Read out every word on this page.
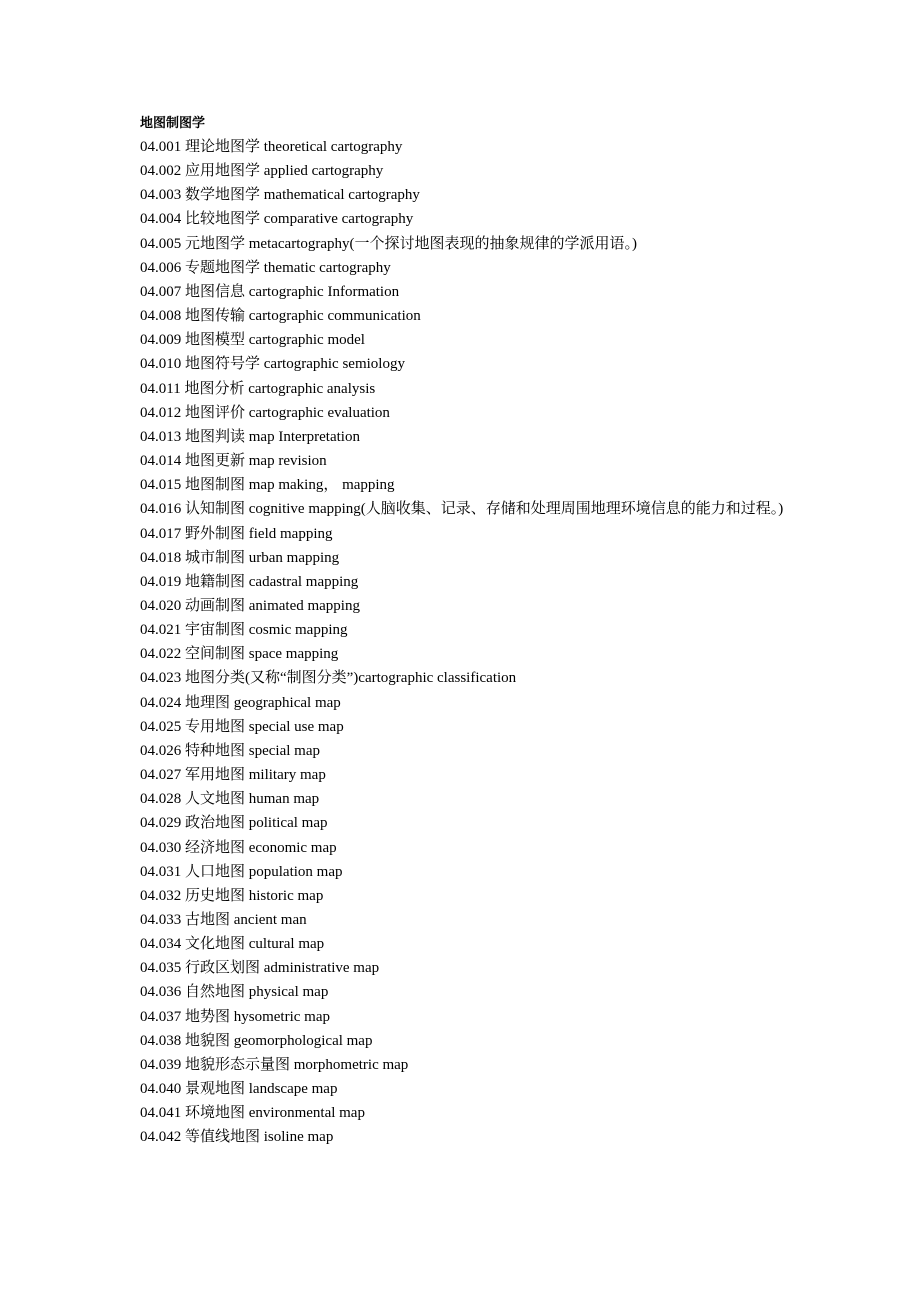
地图制图学
04.001 理论地图学 theoretical cartography
04.002 应用地图学 applied cartography
04.003 数学地图学 mathematical cartography
04.004 比较地图学 comparative cartography
04.005 元地图学 metacartography(一个探讨地图表现的抽象规律的学派用语。)
04.006 专题地图学 thematic cartography
04.007 地图信息 cartographic Information
04.008 地图传输 cartographic communication
04.009 地图模型 cartographic model
04.010 地图符号学 cartographic semiology
04.011 地图分析 cartographic analysis
04.012 地图评价 cartographic evaluation
04.013 地图判读 map Interpretation
04.014 地图更新 map revision
04.015 地图制图 map making， mapping
04.016 认知制图 cognitive mapping(人脑收集、记录、存储和处理周围地理环境信息的能力和过程。)
04.017 野外制图 field mapping
04.018 城市制图 urban mapping
04.019 地籍制图 cadastral mapping
04.020 动画制图 animated mapping
04.021 宇宙制图 cosmic mapping
04.022 空间制图 space mapping
04.023 地图分类(又称“制图分类”)cartographic classification
04.024 地理图 geographical map
04.025 专用地图 special use map
04.026 特种地图 special map
04.027 军用地图 military map
04.028 人文地图 human map
04.029 政治地图 political map
04.030 经济地图 economic map
04.031 人口地图 population map
04.032 历史地图 historic map
04.033 古地图 ancient man
04.034 文化地图 cultural map
04.035 行政区划图 administrative map
04.036 自然地图 physical map
04.037 地势图 hysometric map
04.038 地貌图 geomorphological map
04.039 地貌形态示量图 morphometric map
04.040 景观地图 landscape map
04.041 环境地图 environmental map
04.042 等值线地图 isoline map
